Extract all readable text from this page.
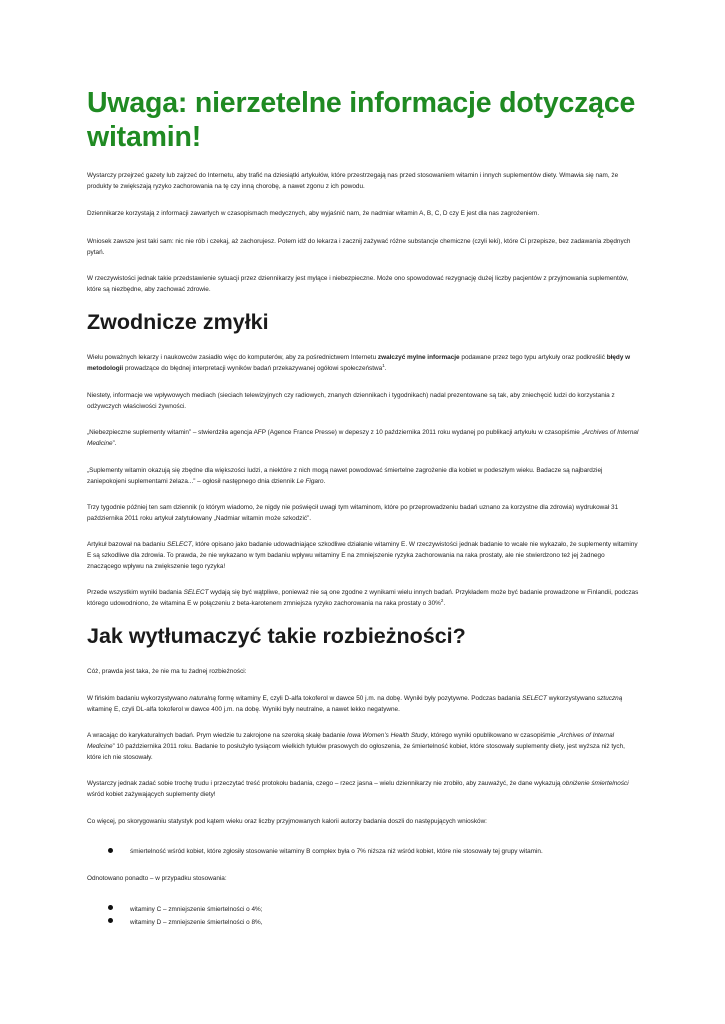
Uwaga: nierzetelne informacje dotyczące witamin!

Wystarczy przejrzeć gazety lub zajrzeć do Internetu, aby trafić na dziesiątki artykułów, które przestrzegają nas przed stosowaniem witamin i innych suplementów diety. Wmawia się nam, że produkty te zwiększają ryzyko zachorowania na tę czy inną chorobę, a nawet zgonu z ich powodu.

Dziennikarze korzystają z informacji zawartych w czasopismach medycznych, aby wyjaśnić nam, że nadmiar witamin A, B, C, D czy E jest dla nas zagrożeniem.

Wniosek zawsze jest taki sam: nic nie rób i czekaj, aż zachorujesz. Potem idź do lekarza i zacznij zażywać różne substancje chemiczne (czyli leki), które Ci przepisze, bez zadawania zbędnych pytań.

W rzeczywistości jednak takie przedstawienie sytuacji przez dziennikarzy jest mylące i niebezpieczne. Może ono spowodować rezygnację dużej liczby pacjentów z przyjmowania suplementów, które są niezbędne, aby zachować zdrowie.

Zwodnicze zmyłki

Wielu poważnych lekarzy i naukowców zasiadło więc do komputerów, aby za pośrednictwem Internetu zwalczyć mylne informacje podawane przez tego typu artykuły oraz podkreślić błędy w metodologii prowadzące do błędnej interpretacji wyników badań przekazywanej ogółowi społeczeństwa$^1$.

Niestety, informacje we wpływowych mediach (sieciach telewizyjnych czy radiowych, znanych dziennikach i tygodnikach) nadal prezentowane są tak, aby zniechęcić ludzi do korzystania z odżywczych właściwości żywności.

„Niebezpieczne suplementy witamin” – stwierdziła agencja AFP (Agence France Presse) w depeszy z 10 października 2011 roku wydanej po publikacji artykułu w czasopiśmie „Archives of Internal Medicine”.

„Suplementy witamin okazują się zbędne dla większości ludzi, a niektóre z nich mogą nawet powodować śmiertelne zagrożenie dla kobiet w podeszłym wieku. Badacze są najbardziej zaniepokojeni suplementami żelaza...” – ogłosił następnego dnia dziennik Le Figaro.

Trzy tygodnie później ten sam dziennik (o którym wiadomo, że nigdy nie poświęcił uwagi tym witaminom, które po przeprowadzeniu badań uznano za korzystne dla zdrowia) wydrukował 31 października 2011 roku artykuł zatytułowany „Nadmiar witamin może szkodzić”.

Artykuł bazował na badaniu SELECT, które opisano jako badanie udowadniające szkodliwe działanie witaminy E. W rzeczywistości jednak badanie to wcale nie wykazało, że suplementy witaminy E są szkodliwe dla zdrowia. To prawda, że nie wykazano w tym badaniu wpływu witaminy E na zmniejszenie ryzyka zachorowania na raka prostaty, ale nie stwierdzono też jej żadnego znaczącego wpływu na zwiększenie tego ryzyka!

Przede wszystkim wyniki badania SELECT wydają się być wątpliwe, ponieważ nie są one zgodne z wynikami wielu innych badań. Przykładem może być badanie prowadzone w Finlandii, podczas którego udowodniono, że witamina E w połączeniu z beta-karotenem zmniejsza ryzyko zachorowania na raka prostaty o 30%$^2$.

Jak wytłumaczyć takie rozbieżności?

Cóż, prawda jest taka, że nie ma tu żadnej rozbieżności:

W fińskim badaniu wykorzystywano naturalną formę witaminy E, czyli D-alfa tokoferol w dawce 50 j.m. na dobę. Wyniki były pozytywne. Podczas badania SELECT wykorzystywano sztuczną witaminę E, czyli DL-alfa tokoferol w dawce 400 j.m. na dobę. Wyniki były neutralne, a nawet lekko negatywne.

A wracając do karykaturalnych badań. Prym wiedzie tu zakrojone na szeroką skalę badanie Iowa Women’s Health Study, którego wyniki opublikowano w czasopiśmie „Archives of Internal Medicine” 10 października 2011 roku. Badanie to posłużyło tysiącom wielkich tytułów prasowych do ogłoszenia, że śmiertelność kobiet, które stosowały suplementy diety, jest wyższa niż tych, które ich nie stosowały.

Wystarczy jednak zadać sobie trochę trudu i przeczytać treść protokołu badania, czego – rzecz jasna – wielu dziennikarzy nie zrobiło, aby zauważyć, że dane wykazują obniżenie śmiertelności wśród kobiet zażywających suplementy diety!

Co więcej, po skorygowaniu statystyk pod kątem wieku oraz liczby przyjmowanych kalorii autorzy badania doszli do następujących wniosków:

śmiertelność wśród kobiet, które zgłosiły stosowanie witaminy B complex była o 7% niższa niż wśród kobiet, które nie stosowały tej grupy witamin.

Odnotowano ponadto – w przypadku stosowania:

witaminy C – zmniejszenie śmiertelności o 4%;
witaminy D – zmniejszenie śmiertelności o 8%,
